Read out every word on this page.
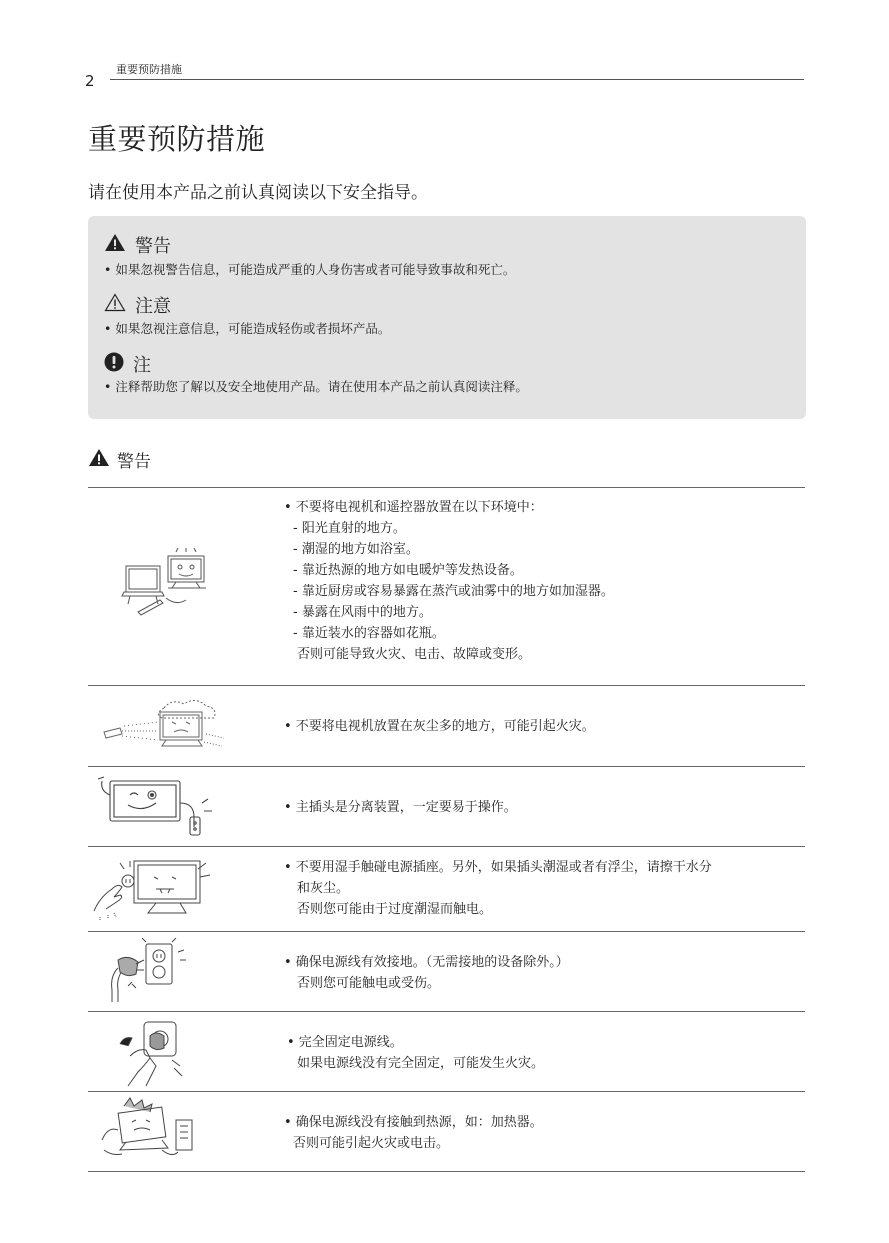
2
重要预防措施
重要预防措施
请在使用本产品之前认真阅读以下安全指导。
警告
• 如果忽视警告信息，可能造成严重的人身伤害或者可能导致事故和死亡。
注意
• 如果忽视注意信息，可能造成轻伤或者损坏产品。
注
• 注释帮助您了解以及安全地使用产品。请在使用本产品之前认真阅读注释。
警告
• 不要将电视机和遥控器放置在以下环境中：
- 阳光直射的地方。
- 潮湿的地方如浴室。
- 靠近热源的地方如电暖炉等发热设备。
- 靠近厨房或容易暴露在蒸汽或油雾中的地方如加湿器。
- 暴露在风雨中的地方。
- 靠近装水的容器如花瓶。
否则可能导致火灾、电击、故障或变形。
• 不要将电视机放置在灰尘多的地方，可能引起火灾。
• 主插头是分离装置，一定要易于操作。
• 不要用湿手触碰电源插座。另外，如果插头潮湿或者有浮尘，请擦干水分
和灰尘。
否则您可能由于过度潮湿而触电。
• 确保电源线有效接地。（无需接地的设备除外。）
否则您可能触电或受伤。
• 完全固定电源线。
如果电源线没有完全固定，可能发生火灾。
• 确保电源线没有接触到热源，如：加热器。
否则可能引起火灾或电击。
